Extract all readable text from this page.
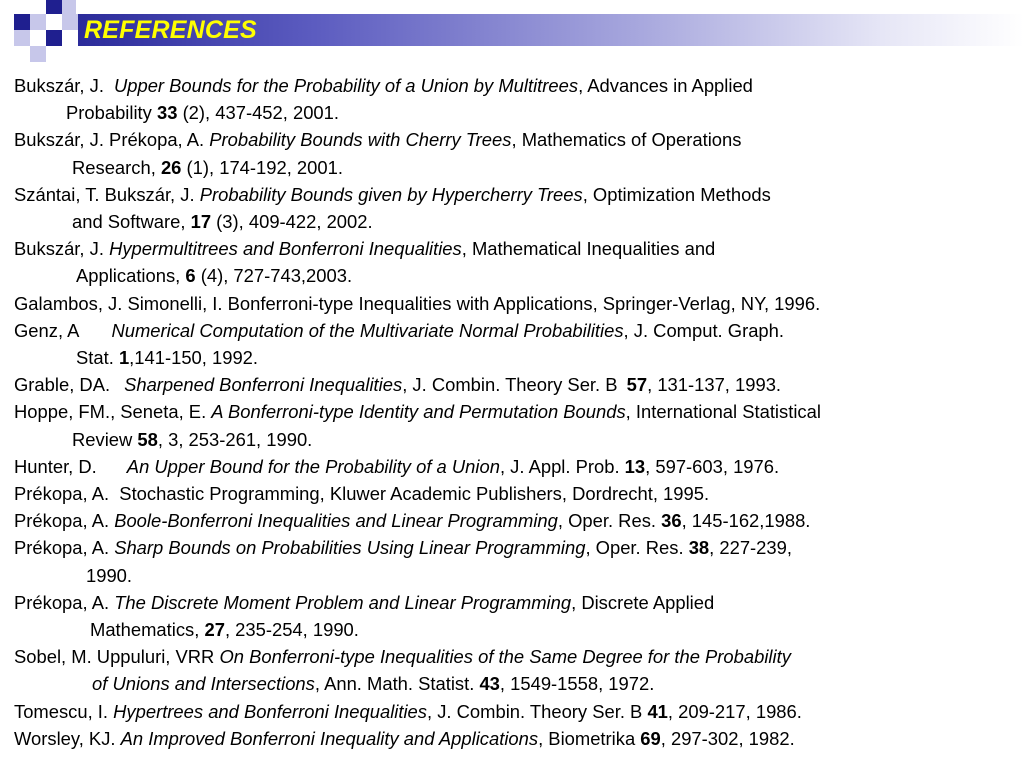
REFERENCES
Bukszár, J. Upper Bounds for the Probability of a Union by Multitrees, Advances in Applied
Probability 33 (2), 437-452, 2001.
Bukszár, J. Prékopa, A. Probability Bounds with Cherry Trees, Mathematics of Operations
Research, 26 (1), 174-192, 2001.
Szántai, T. Bukszár, J. Probability Bounds given by Hypercherry Trees, Optimization Methods
and Software, 17 (3), 409-422, 2002.
Bukszár, J. Hypermultitrees and Bonferroni Inequalities, Mathematical Inequalities and
Applications, 6 (4), 727-743,2003.
Galambos, J. Simonelli, I. Bonferroni-type Inequalities with Applications, Springer-Verlag, NY, 1996.
Genz, A Numerical Computation of the Multivariate Normal Probabilities, J. Comput. Graph.
Stat. 1,141-150, 1992.
Grable, DA. Sharpened Bonferroni Inequalities, J. Combin. Theory Ser. B 57, 131-137, 1993.
Hoppe, FM., Seneta, E. A Bonferroni-type Identity and Permutation Bounds, International Statistical
Review 58, 3, 253-261, 1990.
Hunter, D. An Upper Bound for the Probability of a Union, J. Appl. Prob. 13, 597-603, 1976.
Prékopa, A.  Stochastic Programming, Kluwer Academic Publishers, Dordrecht, 1995.
Prékopa, A. Boole-Bonferroni Inequalities and Linear Programming, Oper. Res. 36, 145-162,1988.
Prékopa, A. Sharp Bounds on Probabilities Using Linear Programming, Oper. Res. 38, 227-239,
1990.
Prékopa, A. The Discrete Moment Problem and Linear Programming, Discrete Applied
Mathematics, 27, 235-254, 1990.
Sobel, M. Uppuluri, VRR On Bonferroni-type Inequalities of the Same Degree for the Probability
of Unions and Intersections, Ann. Math. Statist. 43, 1549-1558, 1972.
Tomescu, I. Hypertrees and Bonferroni Inequalities, J. Combin. Theory Ser. B 41, 209-217, 1986.
Worsley, KJ. An Improved Bonferroni Inequality and Applications, Biometrika 69, 297-302, 1982.
